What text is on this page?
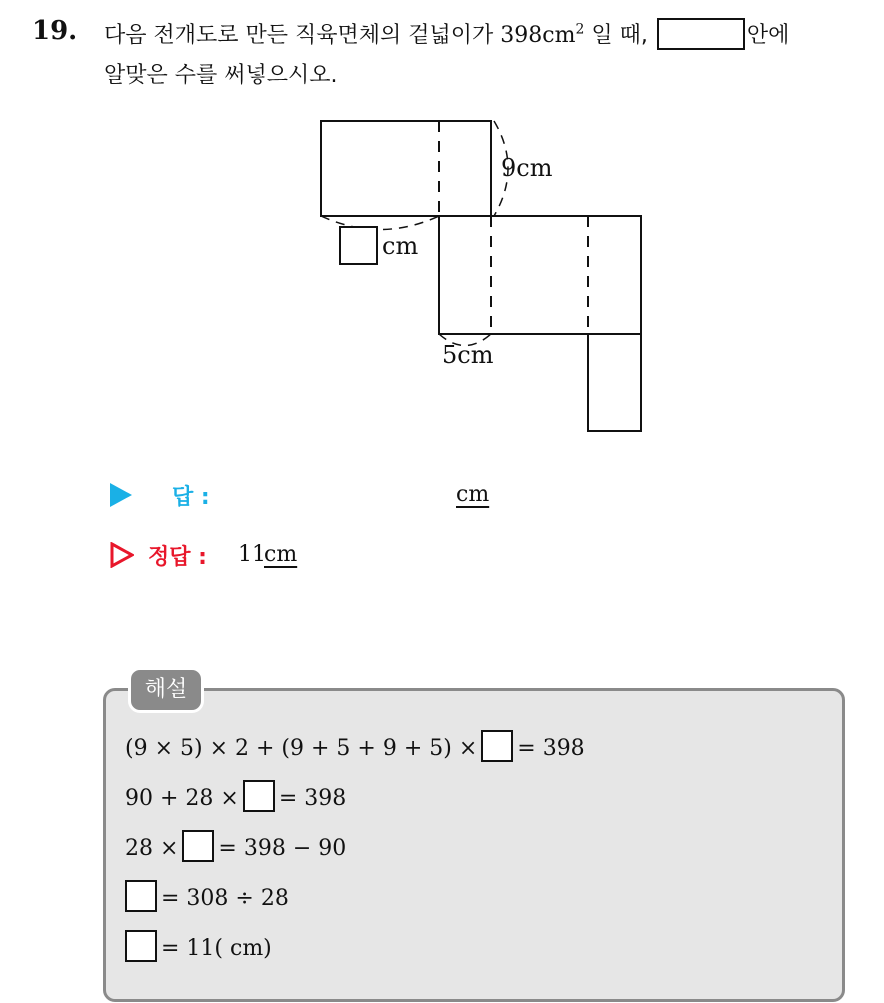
19. 다음 전개도로 만든 직육면체의 겉넓이가 $398cm^2$ 일 때,	안에
알맞은 수를 써넣으시오.
9cm
cm
5cm
답 :	cm
정답 : 11
cm
해설
(9 × 5) × 2 + (9 + 5 + 9 + 5) × = 398
90 + 28 × = 398
28 × = 398 − 90
= 308 ÷ 28
= 11( cm)
